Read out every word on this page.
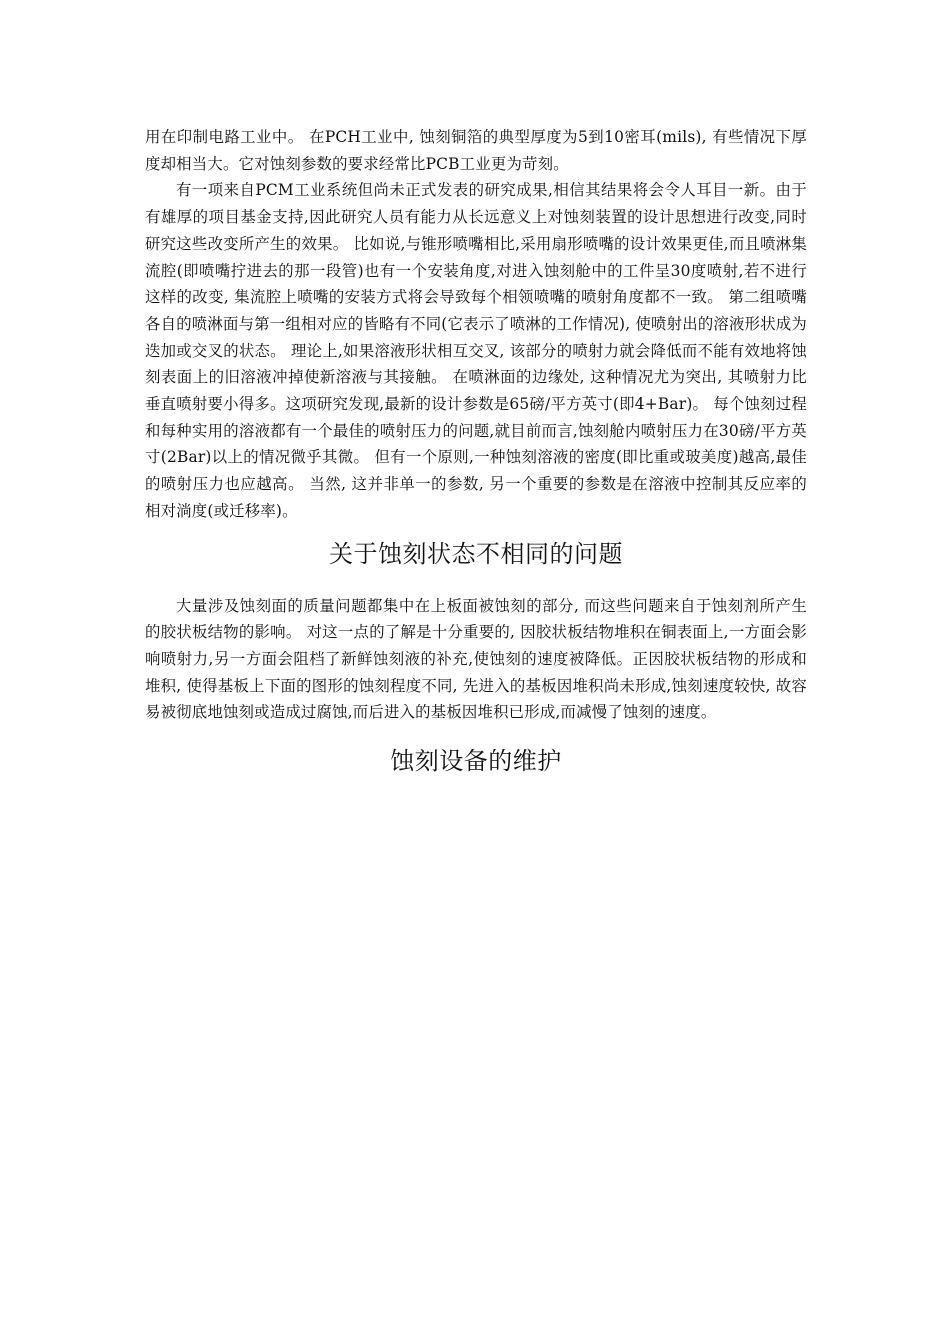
用在印制电路工业中。 在PCH工业中, 蚀刻铜箔的典型厚度为5到10密耳(mils), 有些情况下厚度却相当大。它对蚀刻参数的要求经常比PCB工业更为苛刻。

有一项来自PCM工业系统但尚未正式发表的研究成果,相信其结果将会令人耳目一新。由于有雄厚的项目基金支持,因此研究人员有能力从长远意义上对蚀刻装置的设计思想进行改变,同时研究这些改变所产生的效果。 比如说,与锥形喷嘴相比,采用扇形喷嘴的设计效果更佳,而且喷淋集流腔(即喷嘴拧进去的那一段管)也有一个安装角度,对进入蚀刻舱中的工件呈30度喷射,若不进行这样的改变, 集流腔上喷嘴的安装方式将会导致每个相领喷嘴的喷射角度都不一致。 第二组喷嘴各自的喷淋面与第一组相对应的皆略有不同(它表示了喷淋的工作情况), 使喷射出的溶液形状成为迭加或交叉的状态。 理论上,如果溶液形状相互交叉, 该部分的喷射力就会降低而不能有效地将蚀刻表面上的旧溶液冲掉使新溶液与其接触。 在喷淋面的边缘处, 这种情况尤为突出, 其喷射力比垂直喷射要小得多。这项研究发现,最新的设计参数是65磅/平方英寸(即4+Bar)。 每个蚀刻过程和每种实用的溶液都有一个最佳的喷射压力的问题,就目前而言,蚀刻舱内喷射压力在30磅/平方英寸(2Bar)以上的情况微乎其微。 但有一个原则,一种蚀刻溶液的密度(即比重或玻美度)越高,最佳的喷射压力也应越高。 当然, 这并非单一的参数, 另一个重要的参数是在溶液中控制其反应率的相对淌度(或迁移率)。

关于蚀刻状态不相同的问题

大量涉及蚀刻面的质量问题都集中在上板面被蚀刻的部分, 而这些问题来自于蚀刻剂所产生的胶状板结物的影响。 对这一点的了解是十分重要的, 因胶状板结物堆积在铜表面上,一方面会影响喷射力,另一方面会阻档了新鲜蚀刻液的补充,使蚀刻的速度被降低。正因胶状板结物的形成和堆积, 使得基板上下面的图形的蚀刻程度不同, 先进入的基板因堆积尚未形成,蚀刻速度较快, 故容易被彻底地蚀刻或造成过腐蚀,而后进入的基板因堆积已形成,而减慢了蚀刻的速度。

蚀刻设备的维护
